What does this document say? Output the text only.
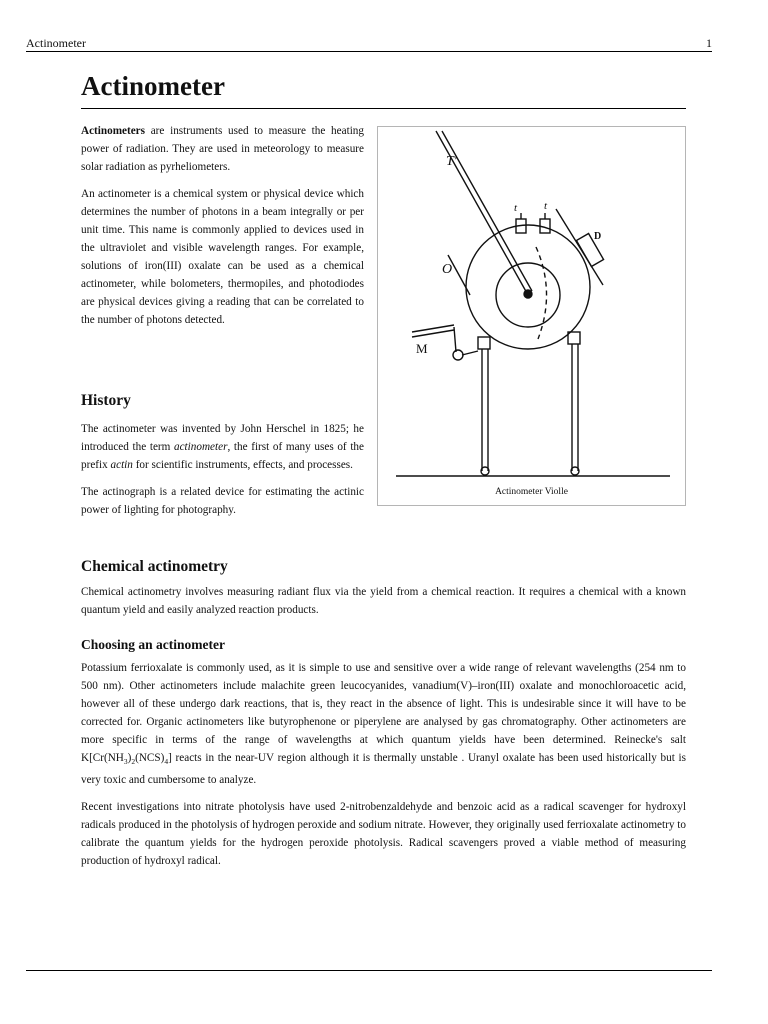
Actinometer	1
Actinometer

Actinometers are instruments used to measure the heating power of radiation. They are used in meteorology to measure solar radiation as pyrheliometers.

An actinometer is a chemical system or physical device which determines the number of photons in a beam integrally or per unit time. This name is commonly applied to devices used in the ultraviolet and visible wavelength ranges. For example, solutions of iron(III) oxalate can be used as a chemical actinometer, while bolometers, thermopiles, and photodiodes are physical devices giving a reading that can be correlated to the number of photons detected.

History

The actinometer was invented by John Herschel in 1825; he introduced the term actinometer, the first of many uses of the prefix actin for scientific instruments, effects, and processes.

The actinograph is a related device for estimating the actinic power of lighting for photography.

T'
t t
O
D
M
Actinometer Violle
Chemical actinometry

Chemical actinometry involves measuring radiant flux via the yield from a chemical reaction. It requires a chemical with a known quantum yield and easily analyzed reaction products.

Choosing an actinometer

Potassium ferrioxalate is commonly used, as it is simple to use and sensitive over a wide range of relevant wavelengths (254 nm to 500 nm). Other actinometers include malachite green leucocyanides, vanadium(V)–iron(III) oxalate and monochloroacetic acid, however all of these undergo dark reactions, that is, they react in the absence of light. This is undesirable since it will have to be corrected for. Organic actinometers like butyrophenone or piperylene are analysed by gas chromatography. Other actinometers are more specific in terms of the range of wavelengths at which quantum yields have been determined. Reinecke's salt $K[Cr(NH_3)_2(NCS)_4]$ reacts in the near-UV region although it is thermally unstable . Uranyl oxalate has been used historically but is very toxic and cumbersome to analyze.

Recent investigations into nitrate photolysis have used 2-nitrobenzaldehyde and benzoic acid as a radical scavenger for hydroxyl radicals produced in the photolysis of hydrogen peroxide and sodium nitrate. However, they originally used ferrioxalate actinometry to calibrate the quantum yields for the hydrogen peroxide photolysis. Radical scavengers proved a viable method of measuring production of hydroxyl radical.
